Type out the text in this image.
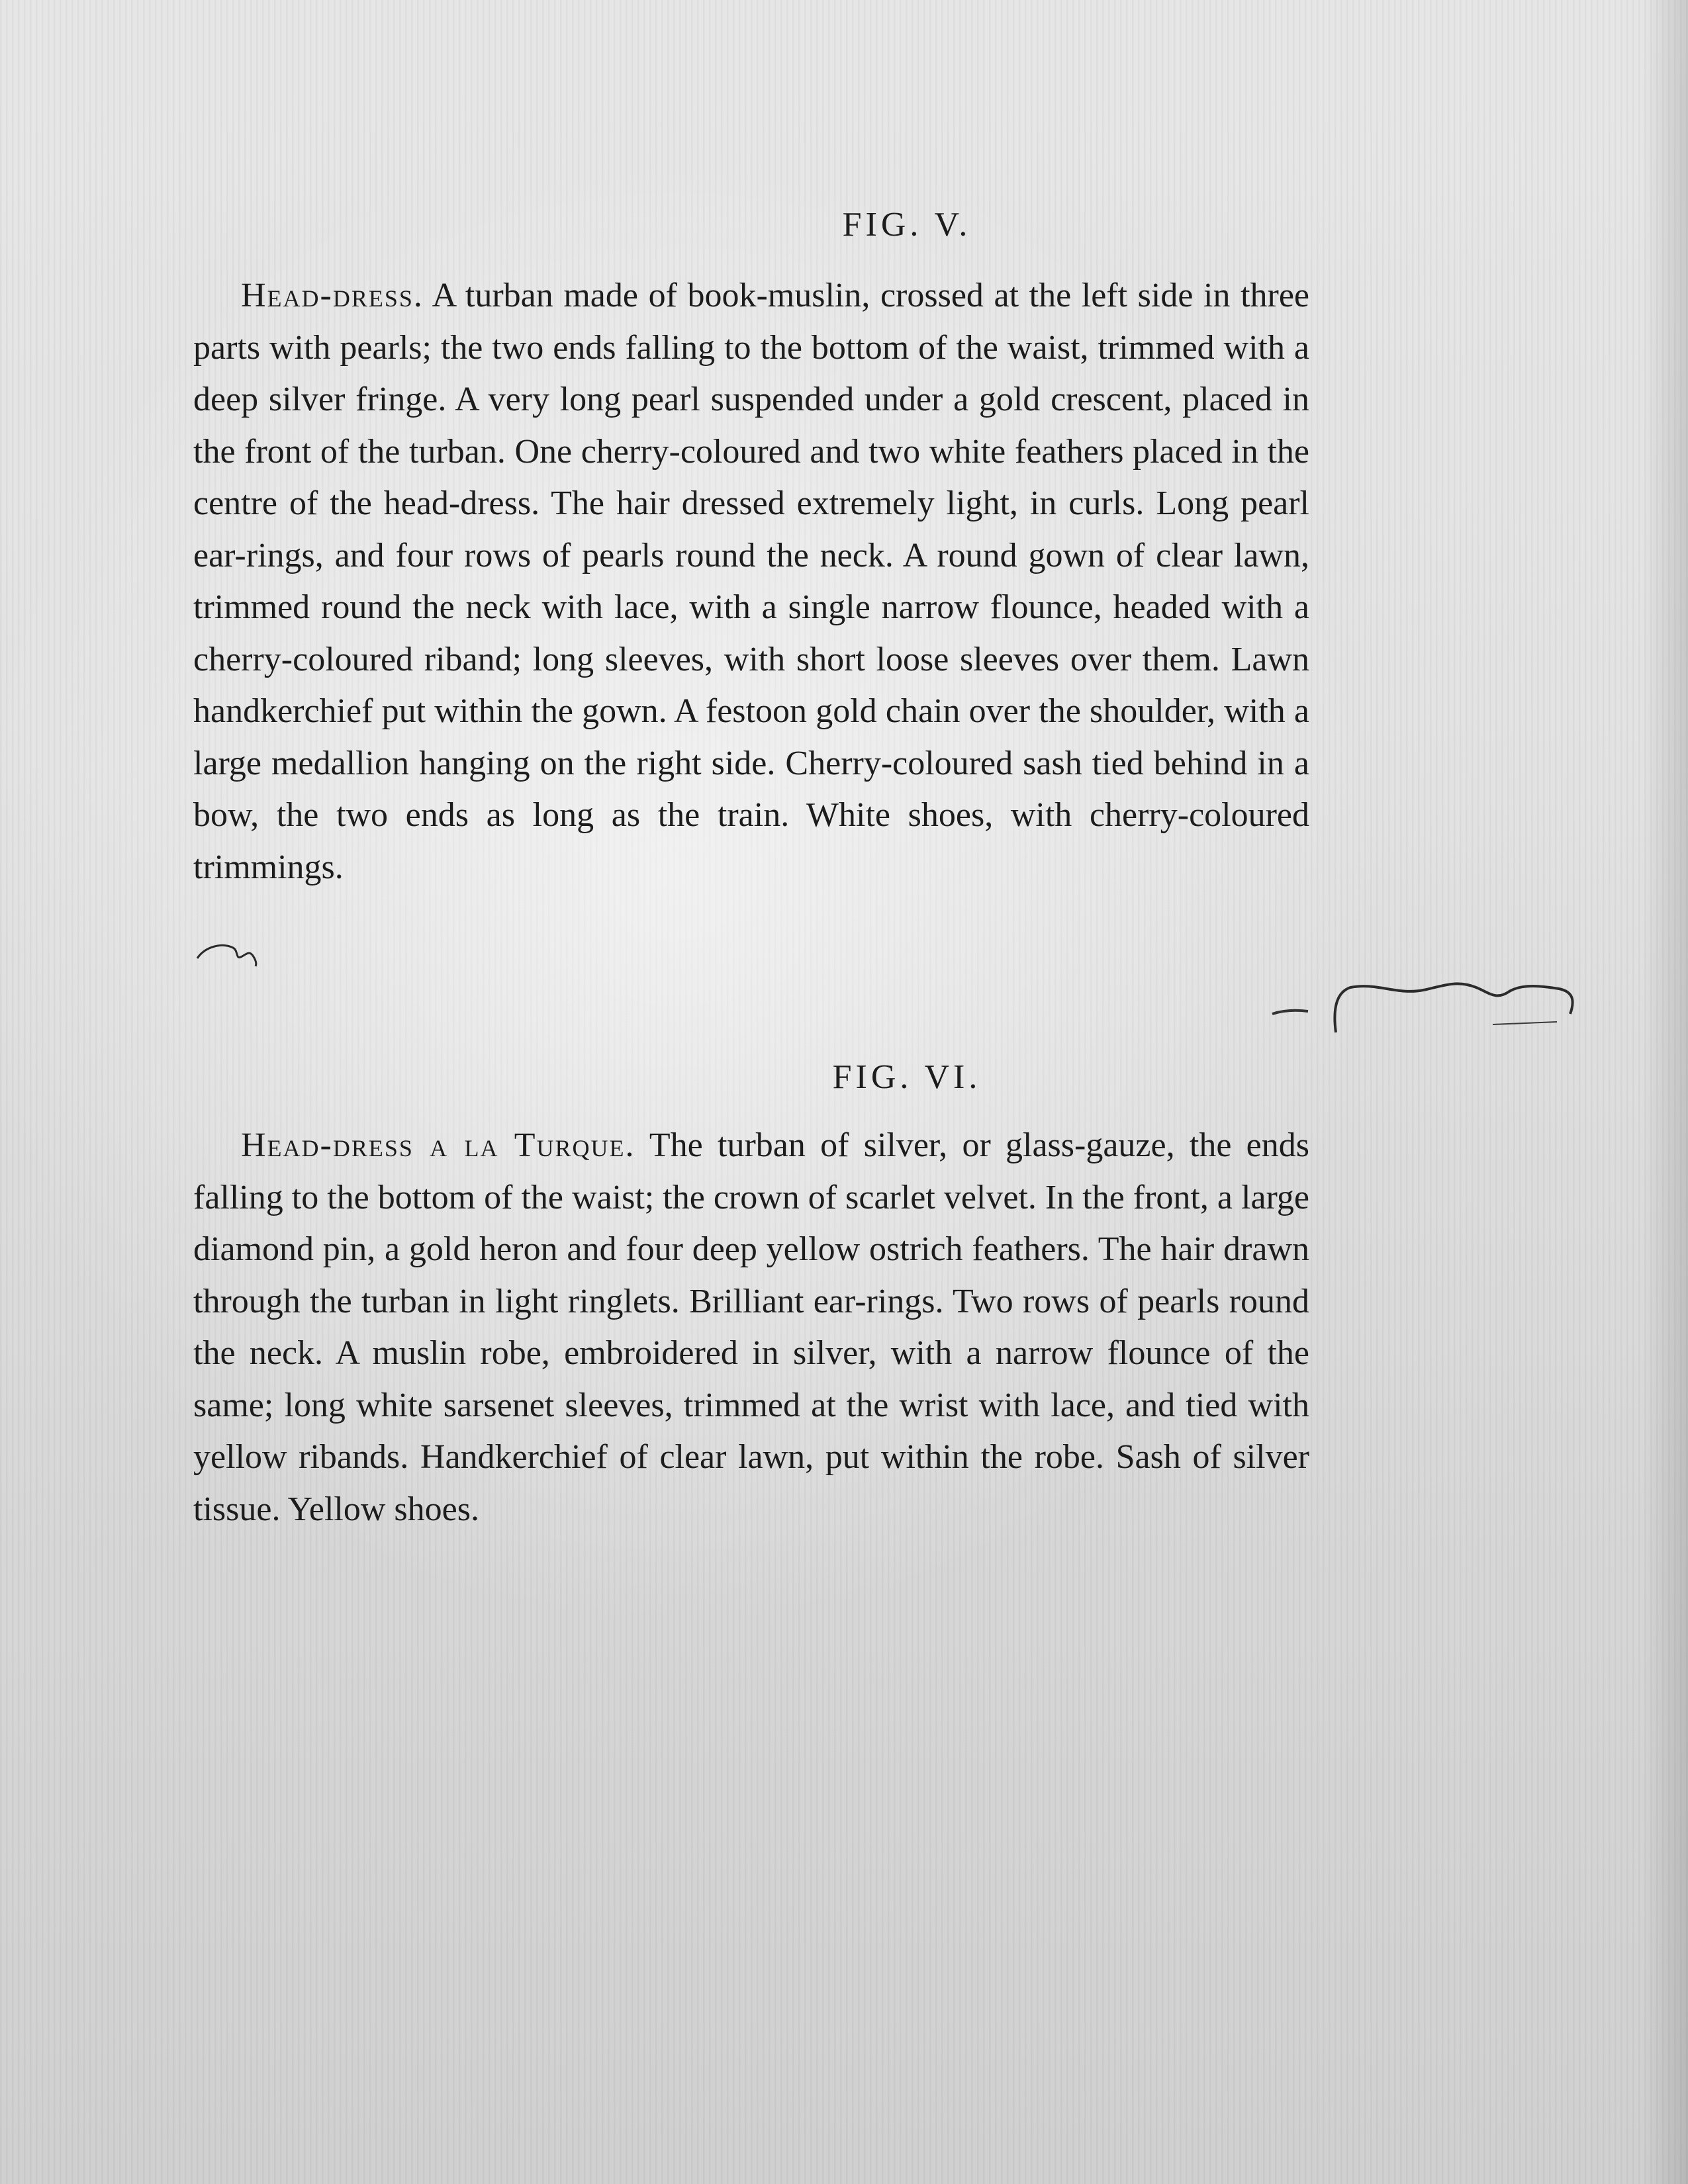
FIG. V.

Head-dress. A turban made of book-muslin, crossed at the left side in three parts with pearls; the two ends falling to the bottom of the waist, trimmed with a deep silver fringe. A very long pearl suspended under a gold crescent, placed in the front of the turban. One cherry-coloured and two white feathers placed in the centre of the head-dress. The hair dressed extremely light, in curls. Long pearl ear-rings, and four rows of pearls round the neck. A round gown of clear lawn, trimmed round the neck with lace, with a single narrow flounce, headed with a cherry-coloured riband; long sleeves, with short loose sleeves over them. Lawn handkerchief put within the gown. A festoon gold chain over the shoulder, with a large medallion hanging on the right side. Cherry-coloured sash tied behind in a bow, the two ends as long as the train. White shoes, with cherry-coloured trimmings.

FIG. VI.

Head-dress a la Turque. The turban of silver, or glass-gauze, the ends falling to the bottom of the waist; the crown of scarlet velvet. In the front, a large diamond pin, a gold heron and four deep yellow ostrich feathers. The hair drawn through the turban in light ringlets. Brilliant ear-rings. Two rows of pearls round the neck. A muslin robe, embroidered in silver, with a narrow flounce of the same; long white sarsenet sleeves, trimmed at the wrist with lace, and tied with yellow ribands. Handkerchief of clear lawn, put within the robe. Sash of silver tissue. Yellow shoes.
